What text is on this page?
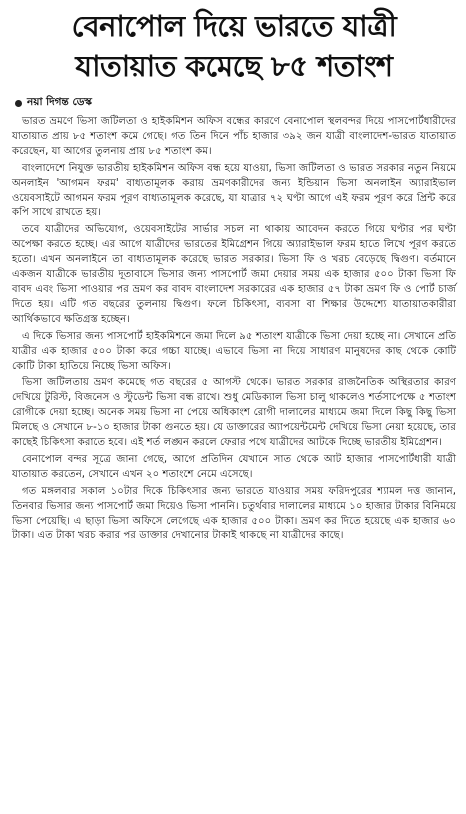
বেনাপোল দিয়ে ভারতে যাত্রী
যাতায়াত কমেছে ৮৫ শতাংশ
নয়া দিগন্ত ডেস্ক

ভারত ভ্রমণে ভিসা জটিলতা ও হাইকমিশন অফিস বন্ধের কারণে বেনাপোল স্থলবন্দর দিয়ে পাসপোর্টধারীদের যাতায়াত প্রায় ৮৫ শতাংশ কমে গেছে। গত তিন দিনে পাঁচ হাজার ৩৯২ জন যাত্রী বাংলাদেশ-ভারত যাতায়াত করেছেন, যা আগের তুলনায় প্রায় ৮৫ শতাংশ কম।

বাংলাদেশে নিযুক্ত ভারতীয় হাইকমিশন অফিস বন্ধ হয়ে যাওয়া, ভিসা জটিলতা ও ভারত সরকার নতুন নিয়মে অনলাইন 'আগমন ফরম' বাধ্যতামূলক করায় ভ্রমণকারীদের জন্য ইন্ডিয়ান ভিসা অনলাইন অ্যারাইভাল ওয়েবসাইটে আগমন ফরম পূরণ বাধ্যতামূলক করেছে, যা যাত্রার ৭২ ঘণ্টা আগে এই ফরম পূরণ করে প্রিন্ট করে কপি সাথে রাখতে হয়।

তবে যাত্রীদের অভিযোগ, ওয়েবসাইটের সার্ভার সচল না থাকায় আবেদন করতে গিয়ে ঘণ্টার পর ঘণ্টা অপেক্ষা করতে হচ্ছে। এর আগে যাত্রীদের ভারতের ইমিগ্রেশন গিয়ে অ্যারাইভাল ফরম হাতে লিখে পূরণ করতে হতো। এখন অনলাইনে তা বাধ্যতামূলক করেছে ভারত সরকার। ভিসা ফি ও খরচ বেড়েছে দ্বিগুণ। বর্তমানে একজন যাত্রীকে ভারতীয় দূতাবাসে ভিসার জন্য পাসপোর্ট জমা দেয়ার সময় এক হাজার ৫০০ টাকা ভিসা ফি বাবদ এবং ভিসা পাওয়ার পর ভ্রমণ কর বাবদ বাংলাদেশ সরকারের এক হাজার ৫৭ টাকা ভ্রমণ ফি ও পোর্ট চার্জ দিতে হয়। এটি গত বছরের তুলনায় দ্বিগুণ। ফলে চিকিৎসা, ব্যবসা বা শিক্ষার উদ্দেশ্যে যাতায়াতকারীরা আর্থিকভাবে ক্ষতিগ্রস্ত হচ্ছেন।

এ দিকে ভিসার জন্য পাসপোর্ট হাইকমিশনে জমা দিলে ৯৫ শতাংশ যাত্রীকে ভিসা দেয়া হচ্ছে না। সেখানে প্রতি যাত্রীর এক হাজার ৫০০ টাকা করে গচ্চা যাচ্ছে। এভাবে ভিসা না দিয়ে সাধারণ মানুষদের কাছ থেকে কোটি কোটি টাকা হাতিয়ে নিচ্ছে ভিসা অফিস।

ভিসা জটিলতায় ভ্রমণ কমেছে গত বছরের ৫ আগস্ট থেকে। ভারত সরকার রাজনৈতিক অস্থিরতার কারণ দেখিয়ে টুরিস্ট, বিজনেস ও স্টুডেন্ট ভিসা বন্ধ রাখে। শুধু মেডিক্যাল ভিসা চালু থাকলেও শর্তসাপেক্ষে ৫ শতাংশ রোগীকে দেয়া হচ্ছে। অনেক সময় ভিসা না পেয়ে অধিকাংশ রোগী দালালের মাধ্যমে জমা দিলে কিছু কিছু ভিসা মিলছে ও সেখানে ৮-১০ হাজার টাকা গুনতে হয়। যে ডাক্তারের অ্যাপয়েন্টমেন্ট দেখিয়ে ভিসা নেয়া হয়েছে, তার কাছেই চিকিৎসা করাতে হবে। এই শর্ত লঙ্ঘন করলে ফেরার পথে যাত্রীদের আটকে দিচ্ছে ভারতীয় ইমিগ্রেশন।

বেনাপোল বন্দর সূত্রে জানা গেছে, আগে প্রতিদিন যেখানে সাত থেকে আট হাজার পাসপোর্টধারী যাত্রী যাতায়াত করতেন, সেখানে এখন ২০ শতাংশে নেমে এসেছে।

গত মঙ্গলবার সকাল ১০টার দিকে চিকিৎসার জন্য ভারতে যাওয়ার সময় ফরিদপুরের শ্যামল দত্ত জানান, তিনবার ভিসার জন্য পাসপোর্ট জমা দিয়েও ভিসা পাননি। চতুর্থবার দালালের মাধ্যমে ১০ হাজার টাকার বিনিময়ে ভিসা পেয়েছি। এ ছাড়া ভিসা অফিসে লেগেছে এক হাজার ৫০০ টাকা। ভ্রমণ কর দিতে হয়েছে এক হাজার ৬০ টাকা। এত টাকা খরচ করার পর ডাক্তার দেখানোর টাকাই থাকছে না যাত্রীদের কাছে।
